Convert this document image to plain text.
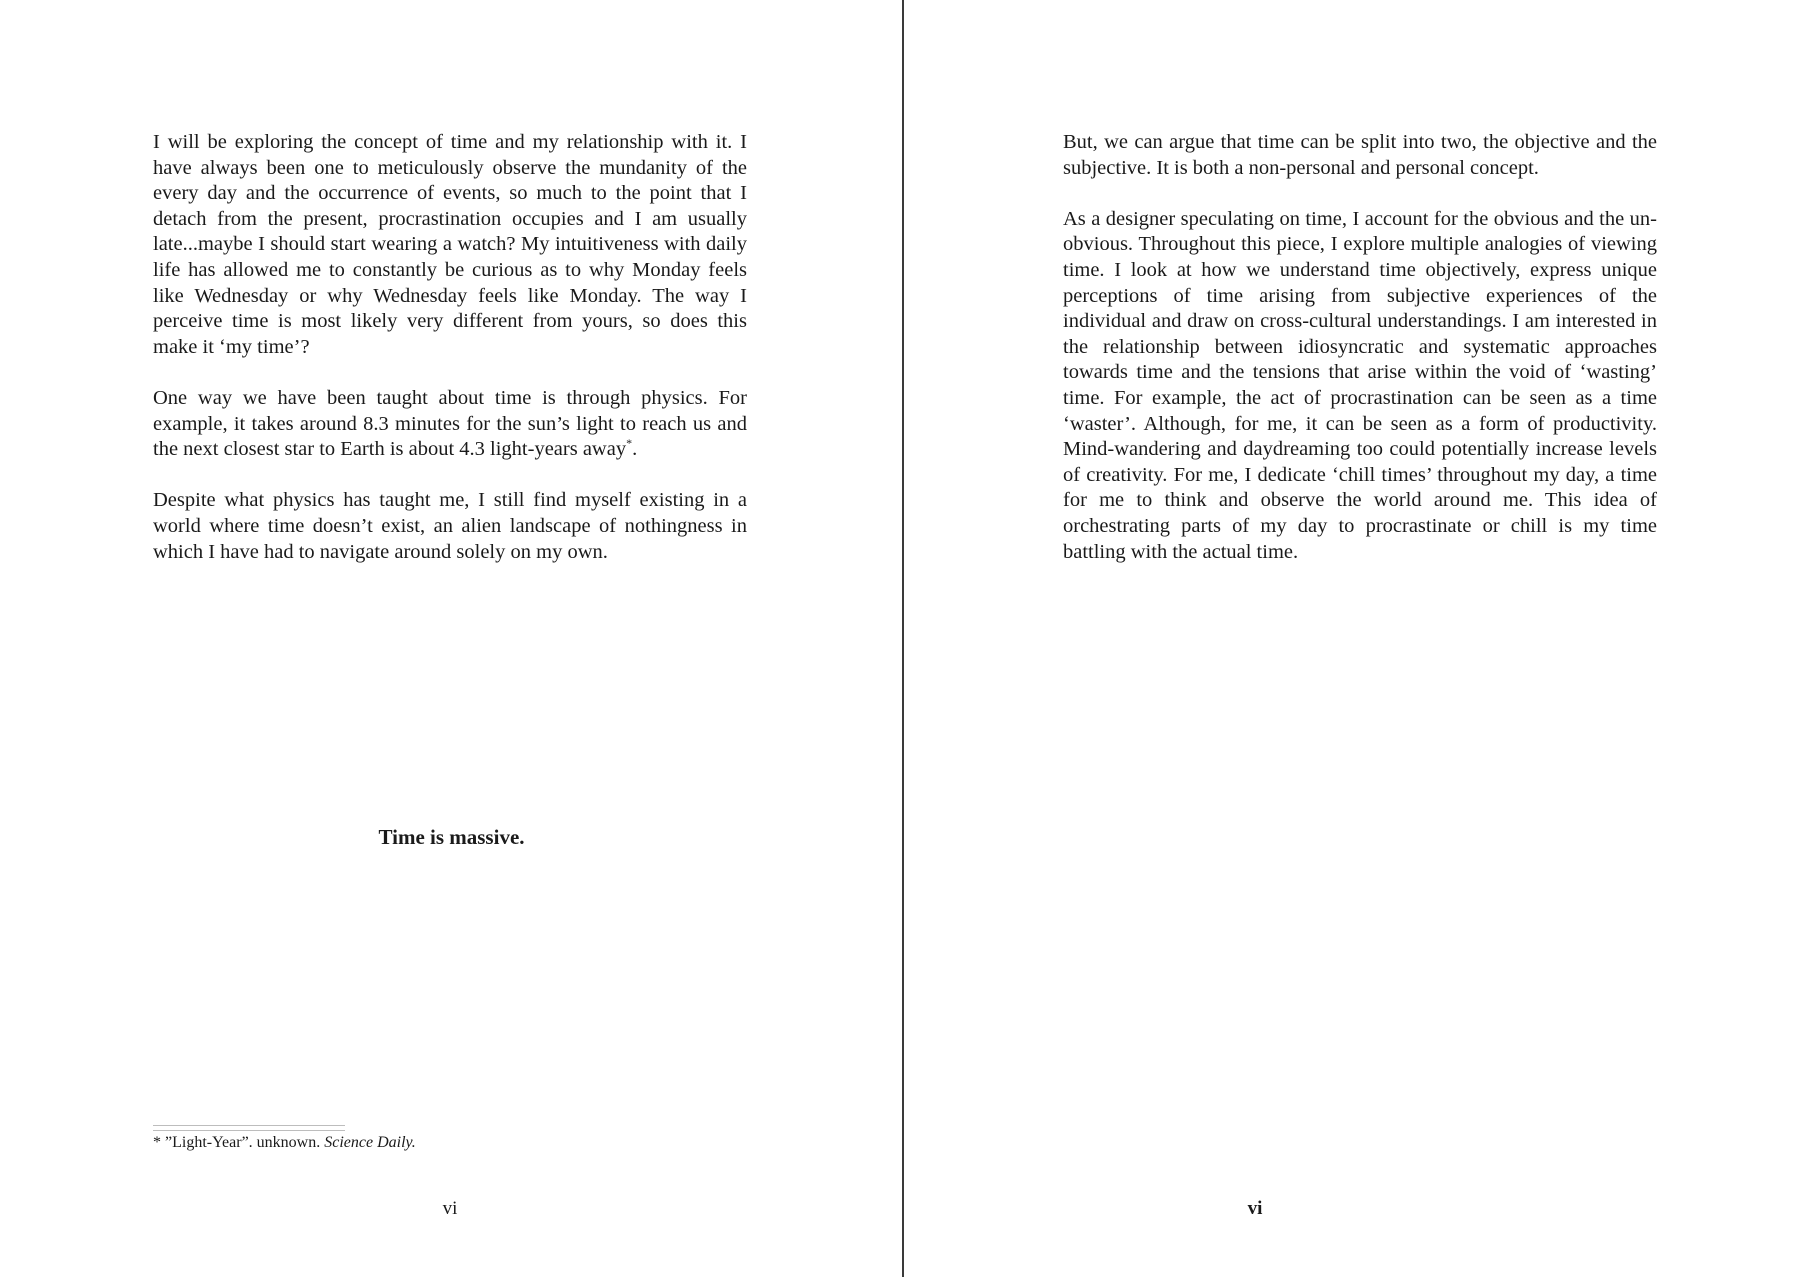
I will be exploring the concept of time and my relationship with it. I have always been one to meticulously observe the mundanity of the every day and the occurrence of events, so much to the point that I detach from the present, procrastination occupies and I am usually late...maybe I should start wearing a watch? My intuitiveness with daily life has allowed me to constantly be curious as to why Monday feels like Wednesday or why Wednesday feels like Monday. The way I perceive time is most likely very different from yours, so does this make it ‘my time’?

One way we have been taught about time is through physics. For example, it takes around 8.3 minutes for the sun’s light to reach us and the next closest star to Earth is about 4.3 light-years away*.

Despite what physics has taught me, I still find myself existing in a world where time doesn’t exist, an alien landscape of nothingness in which I have had to navigate around solely on my own.

Time is massive.
* ”Light-Year”. unknown. Science Daily.
vi

But, we can argue that time can be split into two, the objective and the subjective. It is both a non-personal and personal concept.

As a designer speculating on time, I account for the obvious and the un-obvious. Throughout this piece, I explore multiple analogies of viewing time. I look at how we understand time objectively, express unique perceptions of time arising from subjective experiences of the individual and draw on cross-cultural understandings. I am interested in the relationship between idiosyncratic and systematic approaches towards time and the tensions that arise within the void of ‘wasting’ time. For example, the act of procrastination can be seen as a time ‘waster’. Although, for me, it can be seen as a form of productivity. Mind-wandering and daydreaming too could potentially increase levels of creativity. For me, I dedicate ‘chill times’ throughout my day, a time for me to think and observe the world around me. This idea of orchestrating parts of my day to procrastinate or chill is my time battling with the actual time.

vi
